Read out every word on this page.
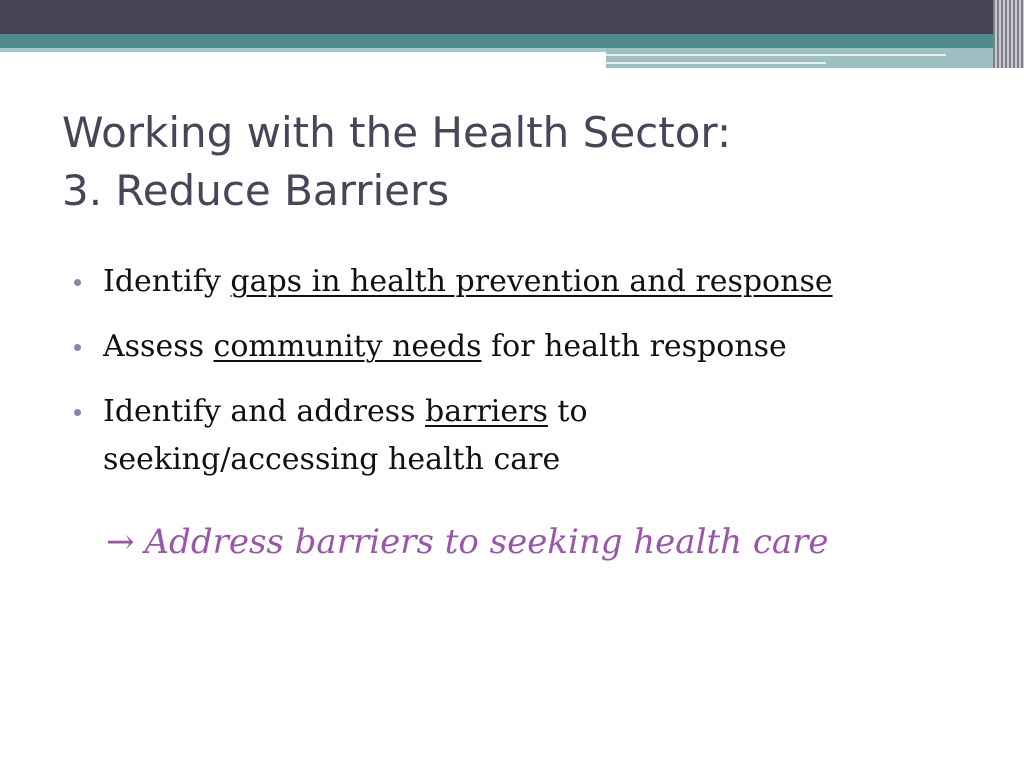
Working with the Health Sector:
3. Reduce Barriers
Identify gaps in health prevention and response
Assess community needs for health response
Identify and address barriers to seeking/accessing health care
→ Address barriers to seeking health care
